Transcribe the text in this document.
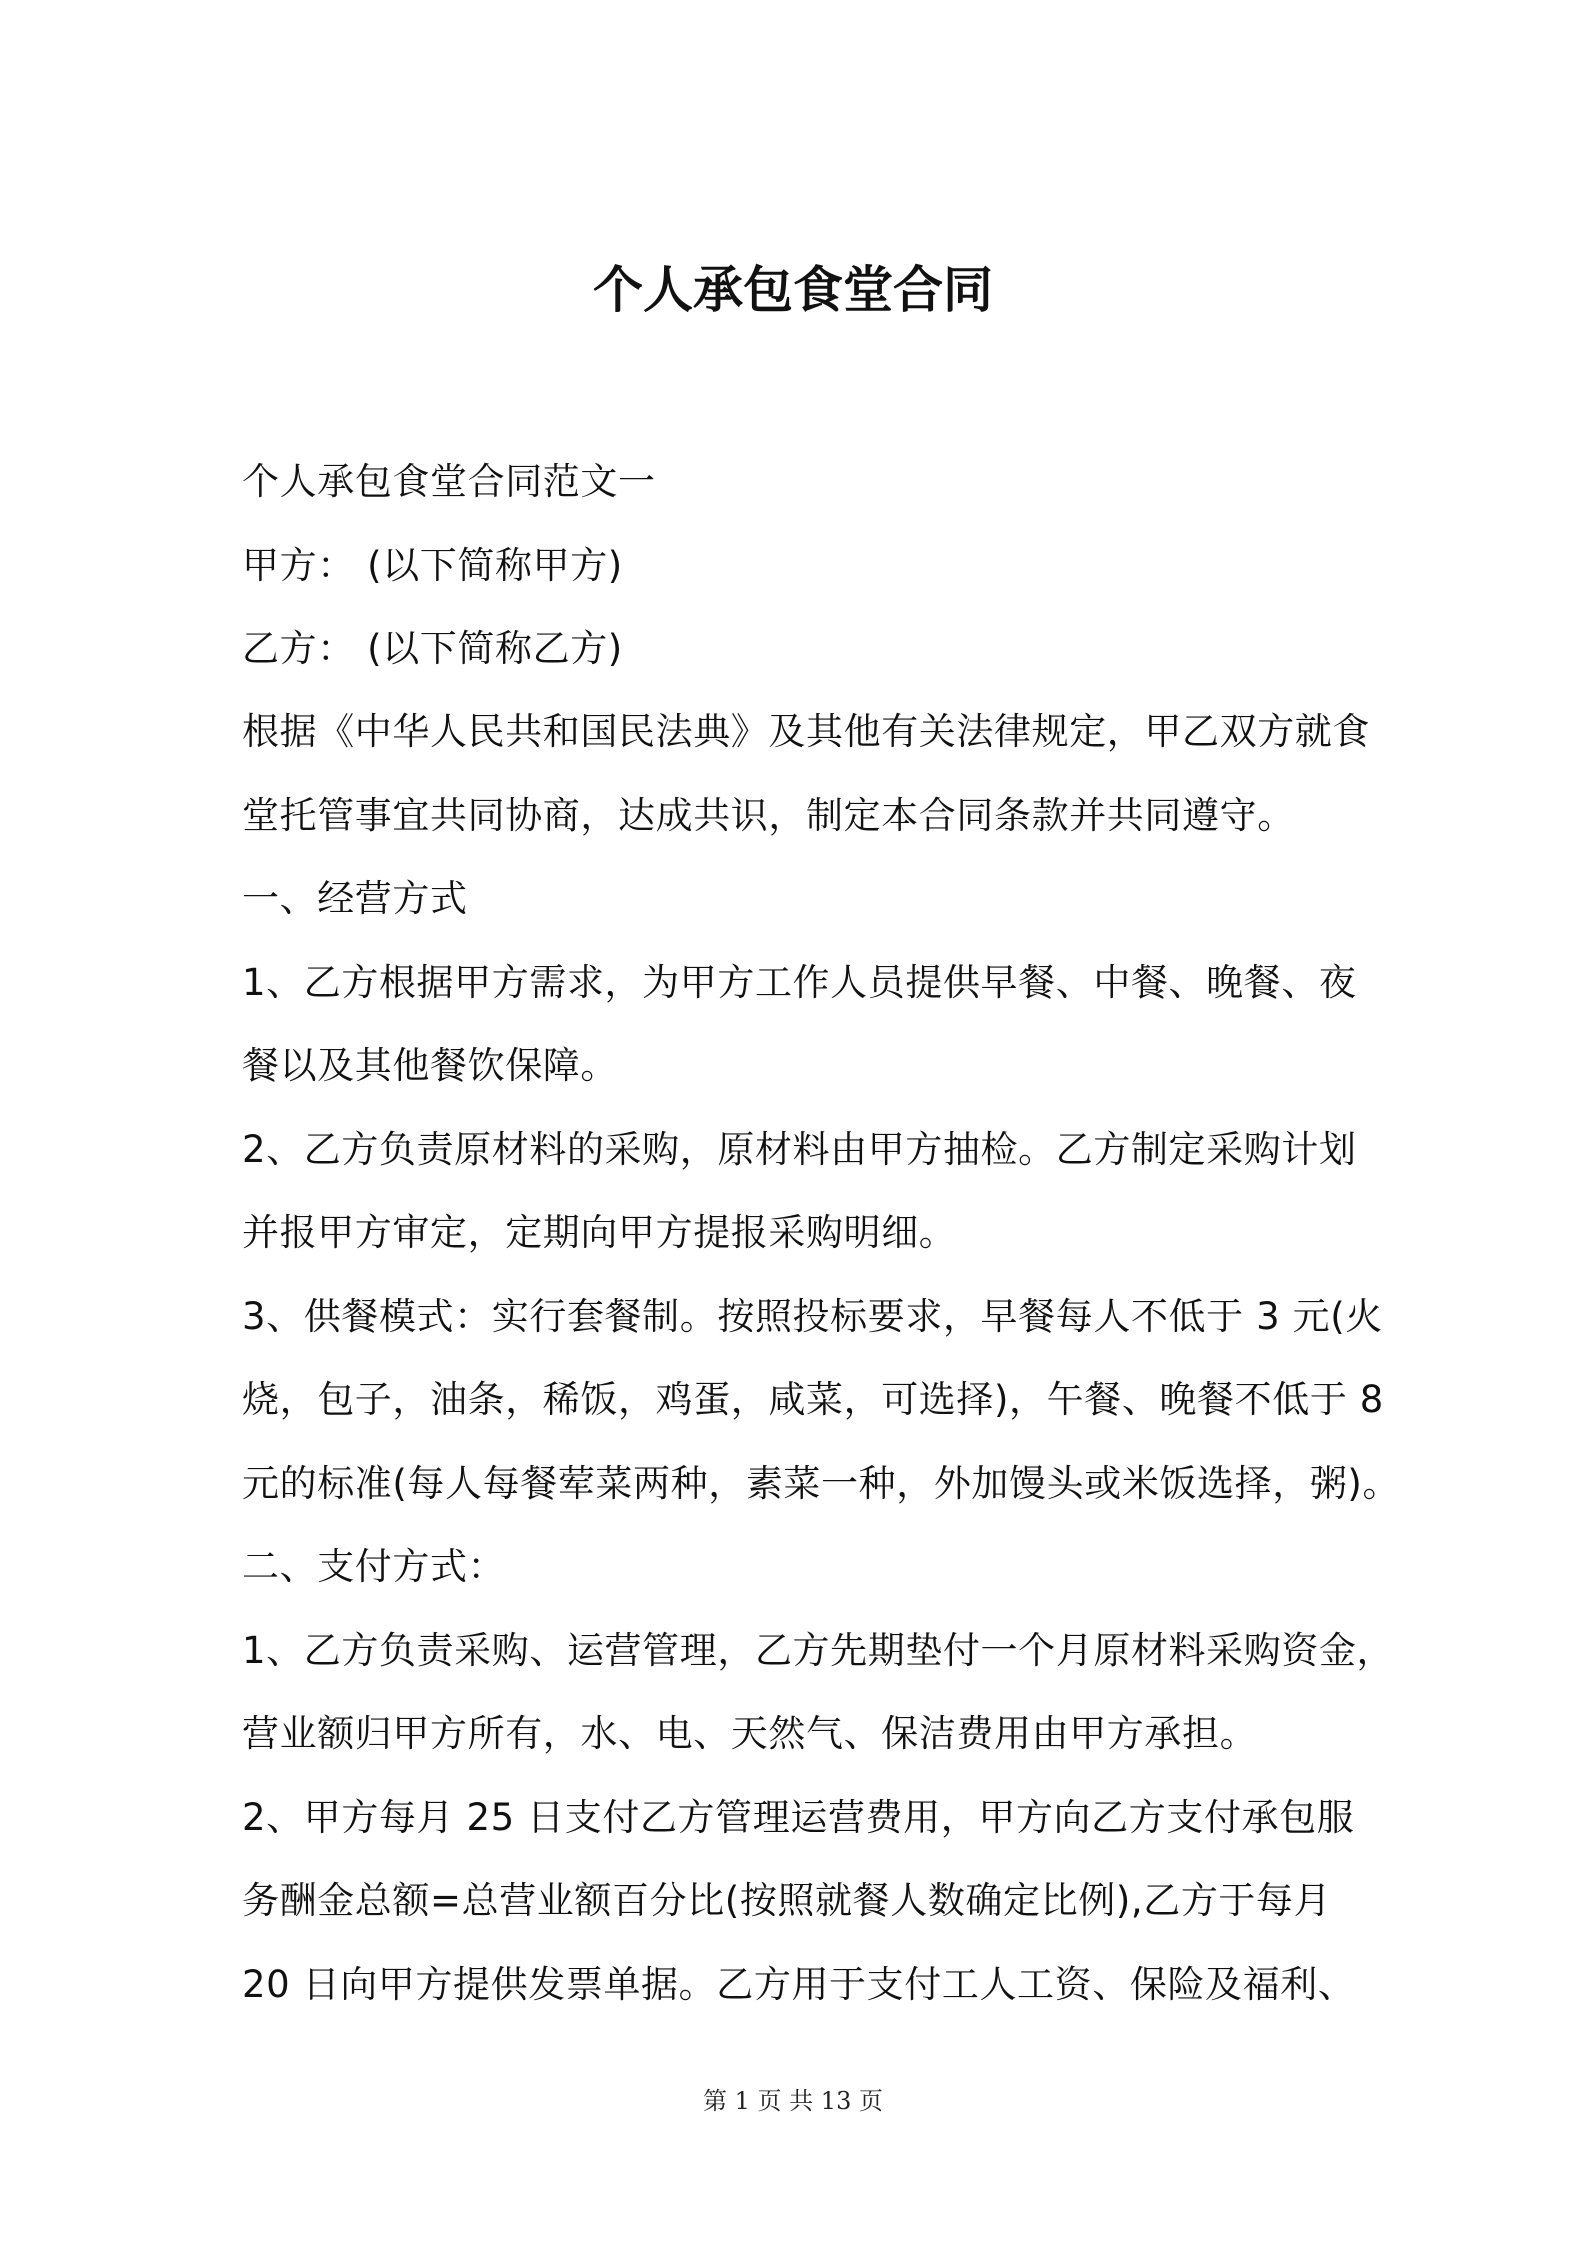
个人承包食堂合同
个人承包食堂合同范文一
甲方： (以下简称甲方)
乙方： (以下简称乙方)
根据《中华人民共和国民法典》及其他有关法律规定，甲乙双方就食
堂托管事宜共同协商，达成共识，制定本合同条款并共同遵守。
一、经营方式
1、乙方根据甲方需求，为甲方工作人员提供早餐、中餐、晚餐、夜
餐以及其他餐饮保障。
2、乙方负责原材料的采购，原材料由甲方抽检。乙方制定采购计划
并报甲方审定，定期向甲方提报采购明细。
3、供餐模式：实行套餐制。按照投标要求，早餐每人不低于 3 元(火
烧，包子，油条，稀饭，鸡蛋，咸菜，可选择)，午餐、晚餐不低于 8
元的标准(每人每餐荤菜两种，素菜一种，外加馒头或米饭选择，粥)。
二、支付方式：
1、乙方负责采购、运营管理，乙方先期垫付一个月原材料采购资金，
营业额归甲方所有，水、电、天然气、保洁费用由甲方承担。
2、甲方每月 25 日支付乙方管理运营费用，甲方向乙方支付承包服
务酬金总额=总营业额百分比(按照就餐人数确定比例),乙方于每月
20 日向甲方提供发票单据。乙方用于支付工人工资、保险及福利、
第 1 页 共 13 页
